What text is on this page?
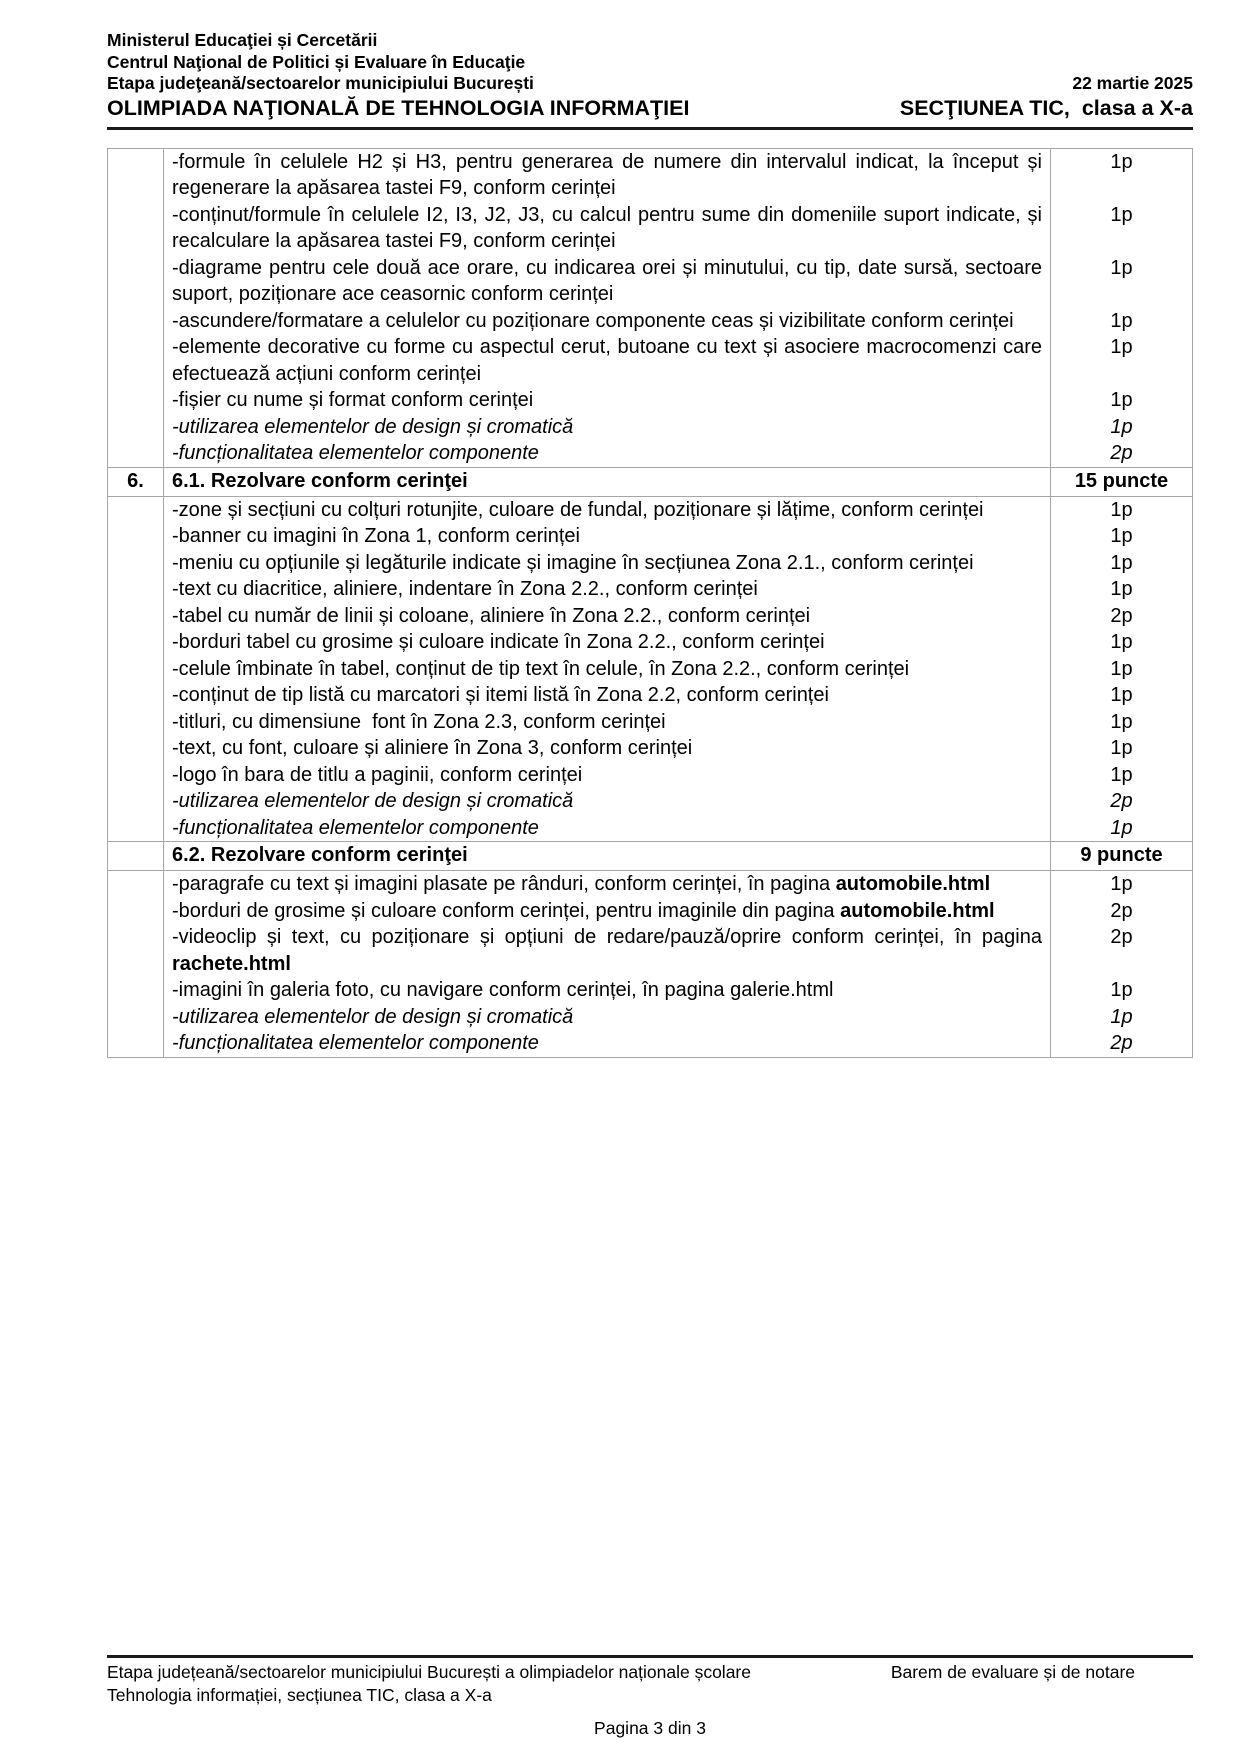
Ministerul Educaţiei și Cercetării
Centrul Naţional de Politici și Evaluare în Educaţie
Etapa judeţeană/sectoarelor municipiului București	22 martie 2025
OLIMPIADA NAŢIONALĂ DE TEHNOLOGIA INFORMAŢIEI	SECŢIUNEA TIC,  clasa a X-a
	-formule în celulele H2 și H3, pentru generarea de numere din intervalul indicat, la început și regenerare la apăsarea tastei F9, conform cerinței	1p
	-conținut/formule în celulele I2, I3, J2, J3, cu calcul pentru sume din domeniile suport indicate, și recalculare la apăsarea tastei F9, conform cerinței	1p
	-diagrame pentru cele două ace orare, cu indicarea orei și minutului, cu tip, date sursă, sectoare suport, poziționare ace ceasornic conform cerinței	1p
	-ascundere/formatare a celulelor cu poziționare componente ceas și vizibilitate conform cerinței	1p
	-elemente decorative cu forme cu aspectul cerut, butoane cu text și asociere macrocomenzi care efectuează acțiuni conform cerinței	1p
	-fișier cu nume și format conform cerinței	1p
	-utilizarea elementelor de design și cromatică	1p
	-funcționalitatea elementelor componente	2p
6.	6.1. Rezolvare conform cerinţei	15 puncte
	-zone și secțiuni cu colțuri rotunjite, culoare de fundal, poziționare și lățime, conform cerinței	1p
	-banner cu imagini în Zona 1, conform cerinței	1p
	-meniu cu opțiunile și legăturile indicate și imagine în secțiunea Zona 2.1., conform cerinței	1p
	-text cu diacritice, aliniere, indentare în Zona 2.2., conform cerinței	1p
	-tabel cu număr de linii și coloane, aliniere în Zona 2.2., conform cerinței	2p
	-borduri tabel cu grosime și culoare indicate în Zona 2.2., conform cerinței	1p
	-celule îmbinate în tabel, conținut de tip text în celule, în Zona 2.2., conform cerinței	1p
	-conținut de tip listă cu marcatori și itemi listă în Zona 2.2, conform cerinței	1p
	-titluri, cu dimensiune  font în Zona 2.3, conform cerinței	1p
	-text, cu font, culoare și aliniere în Zona 3, conform cerinței	1p
	-logo în bara de titlu a paginii, conform cerinței	1p
	-utilizarea elementelor de design și cromatică	2p
	-funcționalitatea elementelor componente	1p
	6.2. Rezolvare conform cerinţei	9 puncte
	-paragrafe cu text și imagini plasate pe rânduri, conform cerinței, în pagina automobile.html	1p
	-borduri de grosime și culoare conform cerinței, pentru imaginile din pagina automobile.html	2p
	-videoclip și text, cu poziționare și opțiuni de redare/pauză/oprire conform cerinței, în pagina rachete.html	2p
	-imagini în galeria foto, cu navigare conform cerinței, în pagina galerie.html	1p
	-utilizarea elementelor de design și cromatică	1p
	-funcționalitatea elementelor componente	2p
Etapa județeană/sectoarelor municipiului București a olimpiadelor naționale școlare	Barem de evaluare și de notare
Tehnologia informației, secțiunea TIC, clasa a X-a
Pagina 3 din 3
